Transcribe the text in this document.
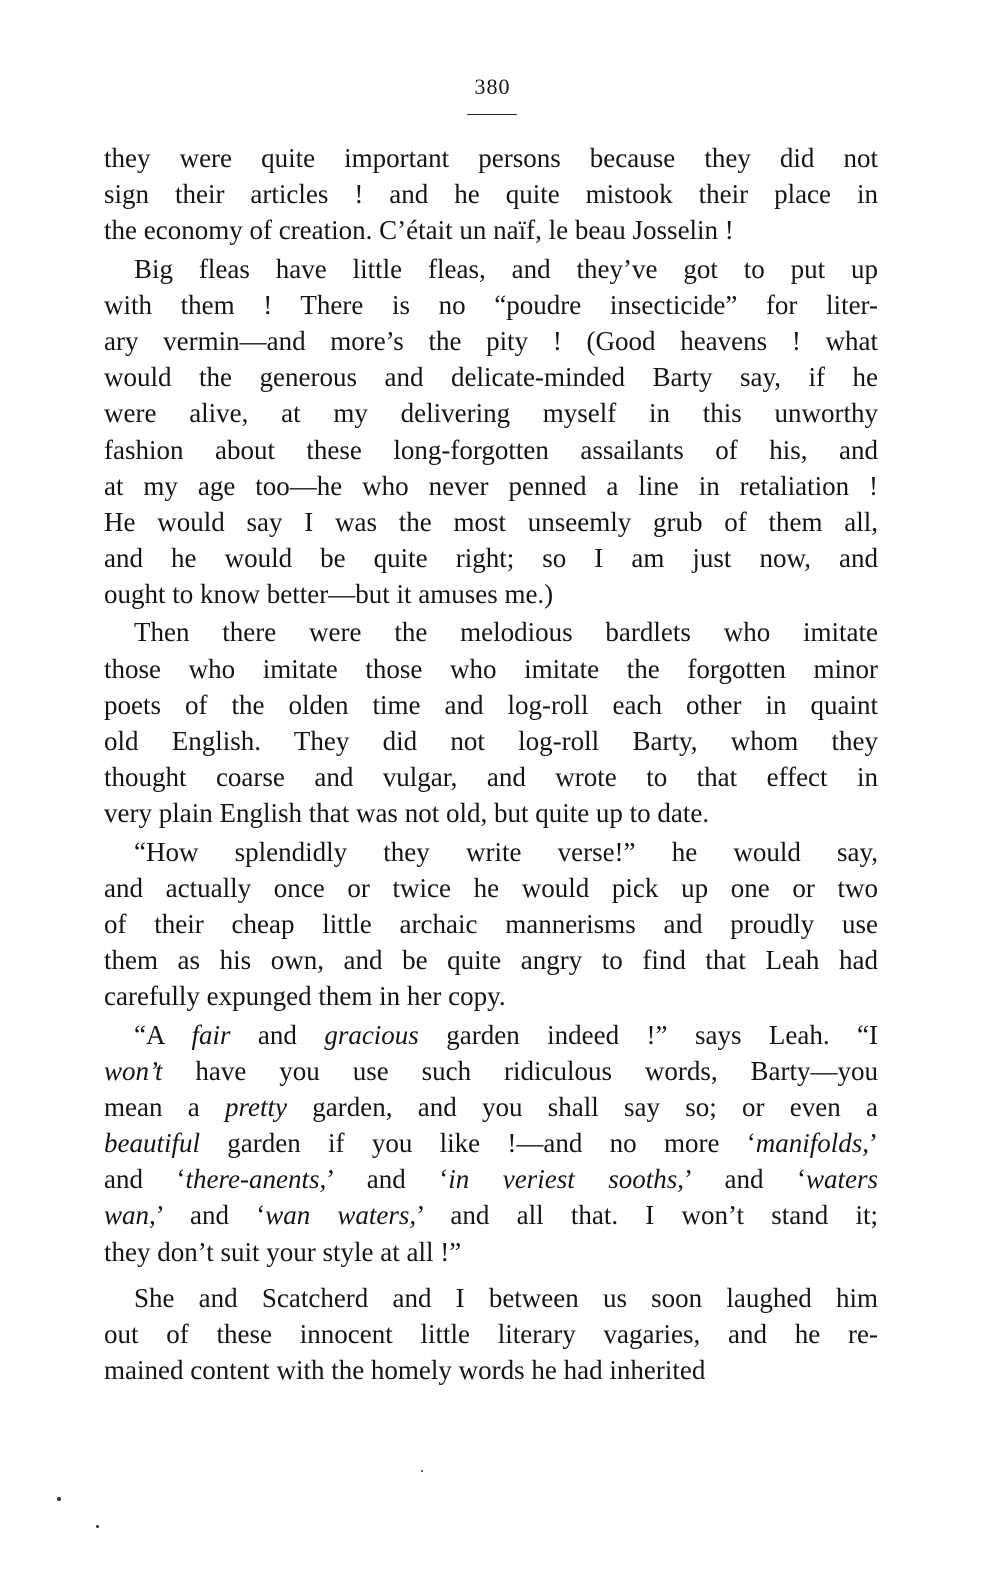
380
they were quite important persons because they did not
sign their articles ! and he quite mistook their place in
the economy of creation. C’était un naïf, le beau Josselin !
Big fleas have little fleas, and they’ve got to put up
with them ! There is no “poudre insecticide” for liter-
ary vermin—and more’s the pity ! (Good heavens ! what
would the generous and delicate-minded Barty say, if he
were alive, at my delivering myself in this unworthy
fashion about these long-forgotten assailants of his, and
at my age too—he who never penned a line in retaliation !
He would say I was the most unseemly grub of them all,
and he would be quite right; so I am just now, and
ought to know better—but it amuses me.)
Then there were the melodious bardlets who imitate
those who imitate those who imitate the forgotten minor
poets of the olden time and log-roll each other in quaint
old English. They did not log-roll Barty, whom they
thought coarse and vulgar, and wrote to that effect in
very plain English that was not old, but quite up to date.
“How splendidly they write verse!” he would say,
and actually once or twice he would pick up one or two
of their cheap little archaic mannerisms and proudly use
them as his own, and be quite angry to find that Leah had
carefully expunged them in her copy.
“A fair and gracious garden indeed !” says Leah. “I
won’t have you use such ridiculous words, Barty—you
mean a pretty garden, and you shall say so; or even a
beautiful garden if you like !—and no more ‘manifolds,’
and ‘there-anents,’ and ‘in veriest sooths,’ and ‘waters
wan,’ and ‘wan waters,’ and all that. I won’t stand it;
they don’t suit your style at all !”
She and Scatcherd and I between us soon laughed him
out of these innocent little literary vagaries, and he re-
mained content with the homely words he had inherited
